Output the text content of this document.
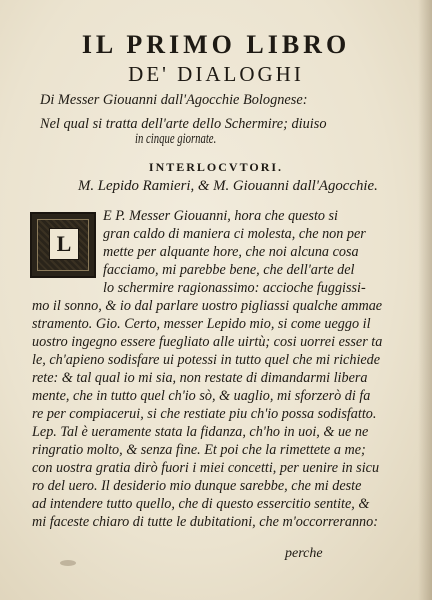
IL PRIMO LIBRO
DE' DIALOGHI
Di Messer Giouanni dall'Agocchie Bolognese:
Nel qual si tratta dell'arte dello Schermire; diuiso
in cinque giornate.
INTERLOCVTORI.
M. Lepido Ramieri, & M. Giouanni dall'Agocchie.
L
E P. Messer Giouanni, hora che questo si
gran caldo di maniera ci molesta, che non per
mette per alquante hore, che noi alcuna cosa
facciamo, mi parebbe bene, che dell'arte del
lo schermire ragionassimo: accioche fuggissi-
mo il sonno, & io dal parlare uostro pigliassi qualche ammae
stramento. Gio. Certo, messer Lepido mio, si come ueggo il
uostro ingegno essere fuegliato alle uirtù; cosi uorrei esser ta
le, ch'apieno sodisfare ui potessi in tutto quel che mi richiede
rete: & tal qual io mi sia, non restate di dimandarmi libera
mente, che in tutto quel ch'io sò, & uaglio, mi sforzerò di fa
re per compiacerui, si che restiate piu ch'io possa sodisfatto.
Lep. Tal è ueramente stata la fidanza, ch'ho in uoi, & ue ne
ringratio molto, & senza fine. Et poi che la rimettete a me;
con uostra gratia dirò fuori i miei concetti, per uenire in sicu
ro del uero. Il desiderio mio dunque sarebbe, che mi deste
ad intendere tutto quello, che di questo essercitio sentite, &
mi faceste chiaro di tutte le dubitationi, che m'occorreranno:
perche
